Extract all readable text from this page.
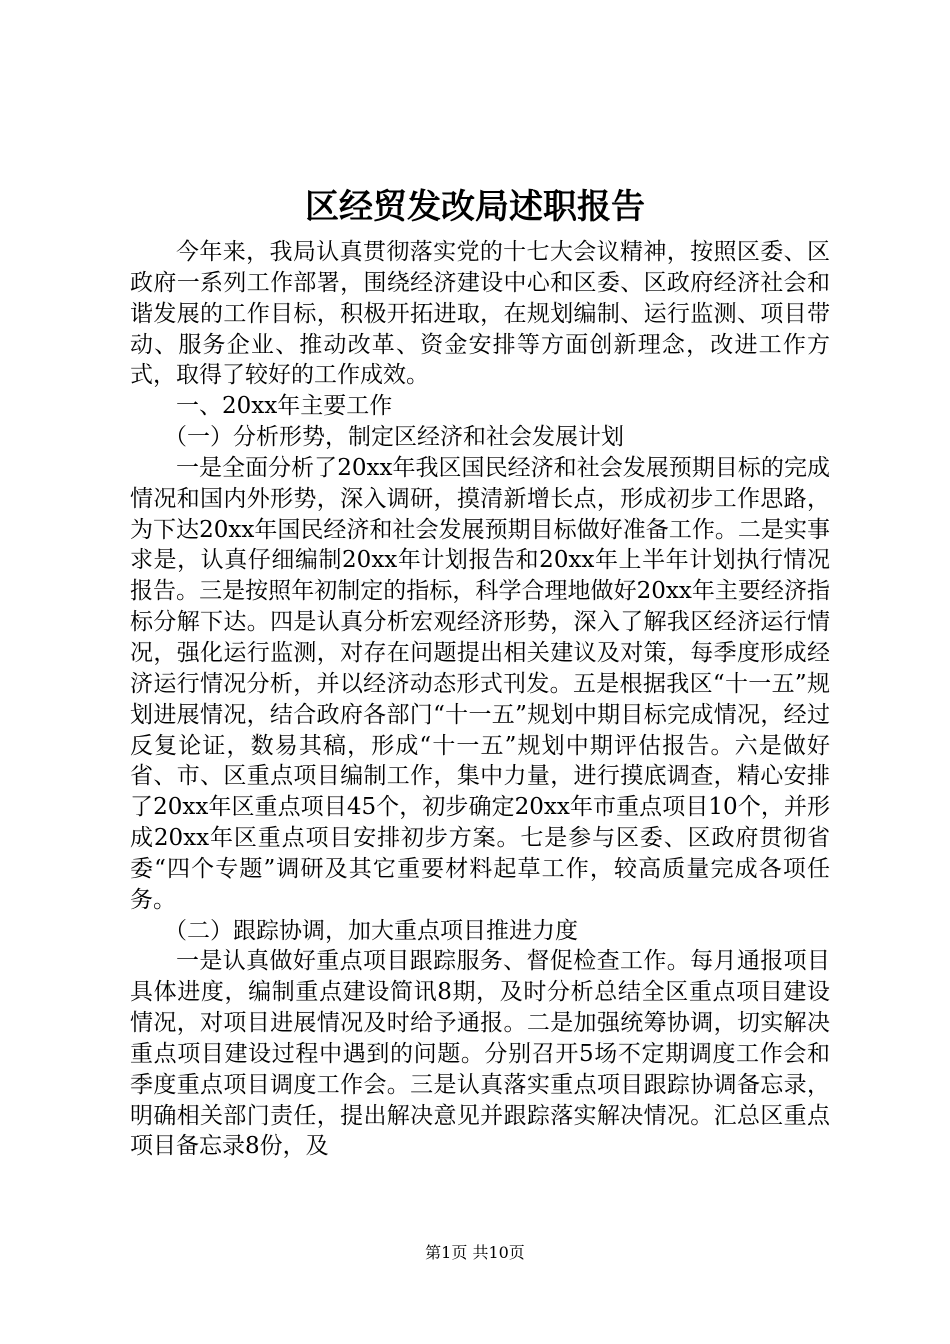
区经贸发改局述职报告

今年来，我局认真贯彻落实党的十七大会议精神，按照区委、区政府一系列工作部署，围绕经济建设中心和区委、区政府经济社会和谐发展的工作目标，积极开拓进取，在规划编制、运行监测、项目带动、服务企业、推动改革、资金安排等方面创新理念，改进工作方式，取得了较好的工作成效。

一、20xx年主要工作

（一）分析形势，制定区经济和社会发展计划

一是全面分析了20xx年我区国民经济和社会发展预期目标的完成情况和国内外形势，深入调研，摸清新增长点，形成初步工作思路，为下达20xx年国民经济和社会发展预期目标做好准备工作。二是实事求是，认真仔细编制20xx年计划报告和20xx年上半年计划执行情况报告。三是按照年初制定的指标，科学合理地做好20xx年主要经济指标分解下达。四是认真分析宏观经济形势，深入了解我区经济运行情况，强化运行监测，对存在问题提出相关建议及对策，每季度形成经济运行情况分析，并以经济动态形式刊发。五是根据我区“十一五”规划进展情况，结合政府各部门“十一五”规划中期目标完成情况，经过反复论证，数易其稿，形成“十一五”规划中期评估报告。六是做好省、市、区重点项目编制工作，集中力量，进行摸底调查，精心安排了20xx年区重点项目45个，初步确定20xx年市重点项目10个，并形成20xx年区重点项目安排初步方案。七是参与区委、区政府贯彻省委“四个专题”调研及其它重要材料起草工作，较高质量完成各项任务。

（二）跟踪协调，加大重点项目推进力度

一是认真做好重点项目跟踪服务、督促检查工作。每月通报项目具体进度，编制重点建设简讯8期，及时分析总结全区重点项目建设情况，对项目进展情况及时给予通报。二是加强统筹协调，切实解决重点项目建设过程中遇到的问题。分别召开5场不定期调度工作会和季度重点项目调度工作会。三是认真落实重点项目跟踪协调备忘录，明确相关部门责任，提出解决意见并跟踪落实解决情况。汇总区重点项目备忘录8份，及

第1页 共10页
